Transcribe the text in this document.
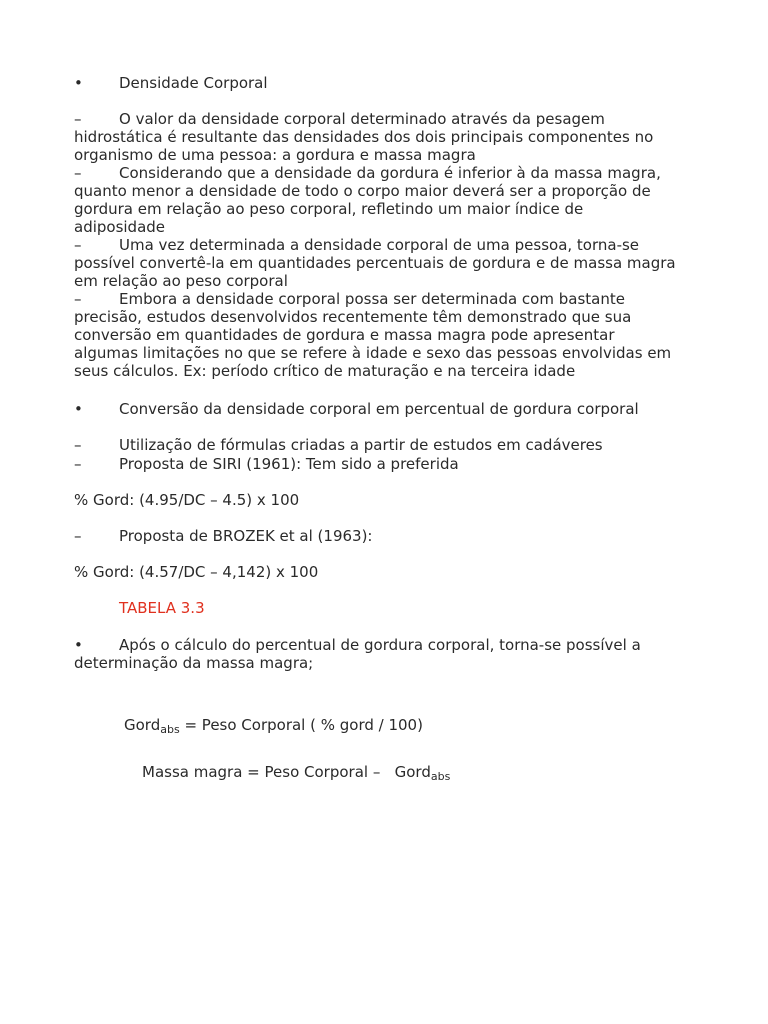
• Densidade Corporal
–	O valor da densidade corporal determinado através da pesagem
hidrostática é resultante das densidades dos dois principais componentes no
organismo de uma pessoa: a gordura e massa magra
–	Considerando que a densidade da gordura é inferior à da massa magra,
quanto menor a densidade de todo o corpo maior deverá ser a proporção de
gordura em relação ao peso corporal, refletindo um maior índice de
adiposidade
–	Uma vez determinada a densidade corporal de uma pessoa, torna-se
possível convertê-la em quantidades percentuais de gordura e de massa magra
em relação ao peso corporal
–	Embora a densidade corporal possa ser determinada com bastante
precisão, estudos desenvolvidos recentemente têm demonstrado que sua
conversão em quantidades de gordura e massa magra pode apresentar
algumas limitações no que se refere à idade e sexo das pessoas envolvidas em
seus cálculos. Ex: período crítico de maturação e na terceira idade
• Conversão da densidade corporal em percentual de gordura corporal
–	Utilização de fórmulas criadas a partir de estudos em cadáveres
–	Proposta de SIRI (1961): Tem sido a preferida
% Gord: (4.95/DC – 4.5) x 100
–	Proposta de BROZEK et al (1963):
% Gord: (4.57/DC – 4,142) x 100
TABELA 3.3
• Após o cálculo do percentual de gordura corporal, torna-se possível a
determinação da massa magra;
Gord$_{abs}$ = Peso Corporal ( % gord / 100)
Massa magra = Peso Corporal –   Gord$_{abs}$
